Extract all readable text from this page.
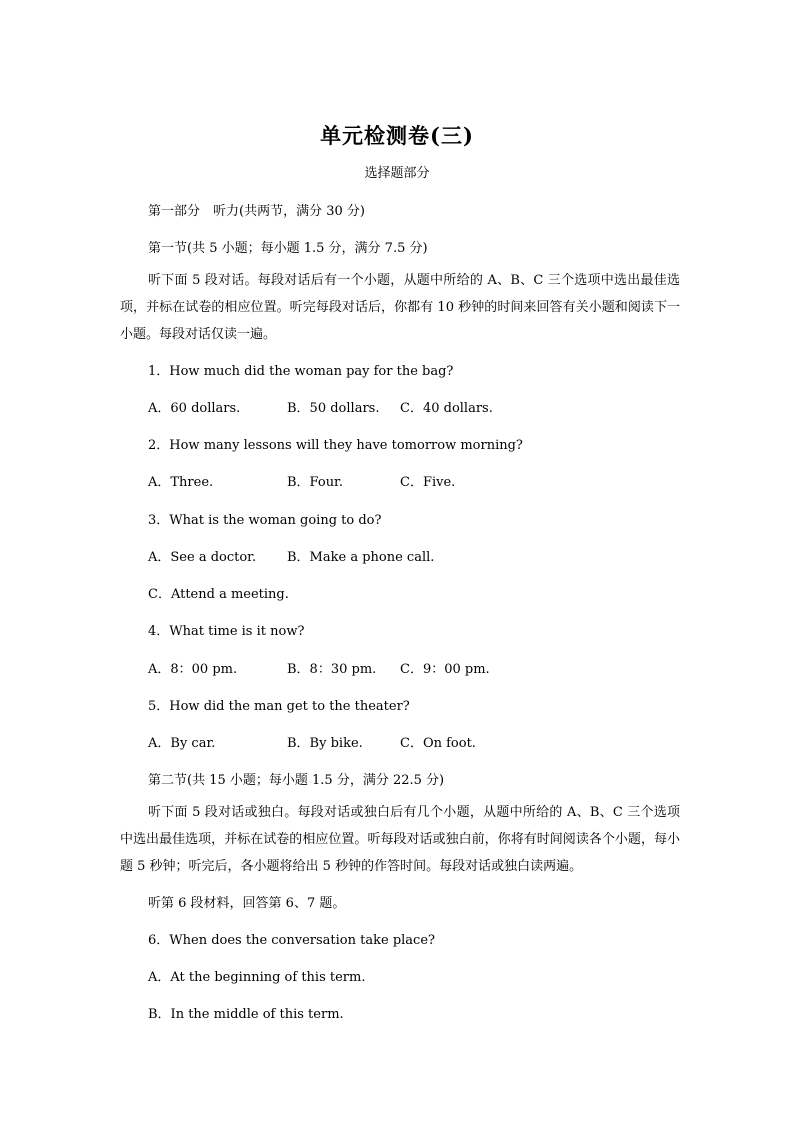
单元检测卷(三)
选择题部分
第一部分　听力(共两节，满分 30 分)
第一节(共 5 小题；每小题 1.5 分，满分 7.5 分)
听下面 5 段对话。每段对话后有一个小题，从题中所给的 A、B、C 三个选项中选出最佳选项，并标在试卷的相应位置。听完每段对话后，你都有 10 秒钟的时间来回答有关小题和阅读下一小题。每段对话仅读一遍。
1．How much did the woman pay for the bag?
A．60 dollars.	B．50 dollars. C．40 dollars.
2．How many lessons will they have tomorrow morning?
A．Three.	B．Four.	C．Five.
3．What is the woman going to do?
A．See a doctor. B．Make a phone call.
C．Attend a meeting.
4．What time is it now?
A．8：00 pm.	B．8：30 pm. C．9：00 pm.
5．How did the man get to the theater?
A．By car.	B．By bike.	C．On foot.
第二节(共 15 小题；每小题 1.5 分，满分 22.5 分)
听下面 5 段对话或独白。每段对话或独白后有几个小题，从题中所给的 A、B、C 三个选项中选出最佳选项，并标在试卷的相应位置。听每段对话或独白前，你将有时间阅读各个小题，每小题 5 秒钟；听完后，各小题将给出 5 秒钟的作答时间。每段对话或独白读两遍。
听第 6 段材料，回答第 6、7 题。
6．When does the conversation take place?
A．At the beginning of this term.
B．In the middle of this term.
